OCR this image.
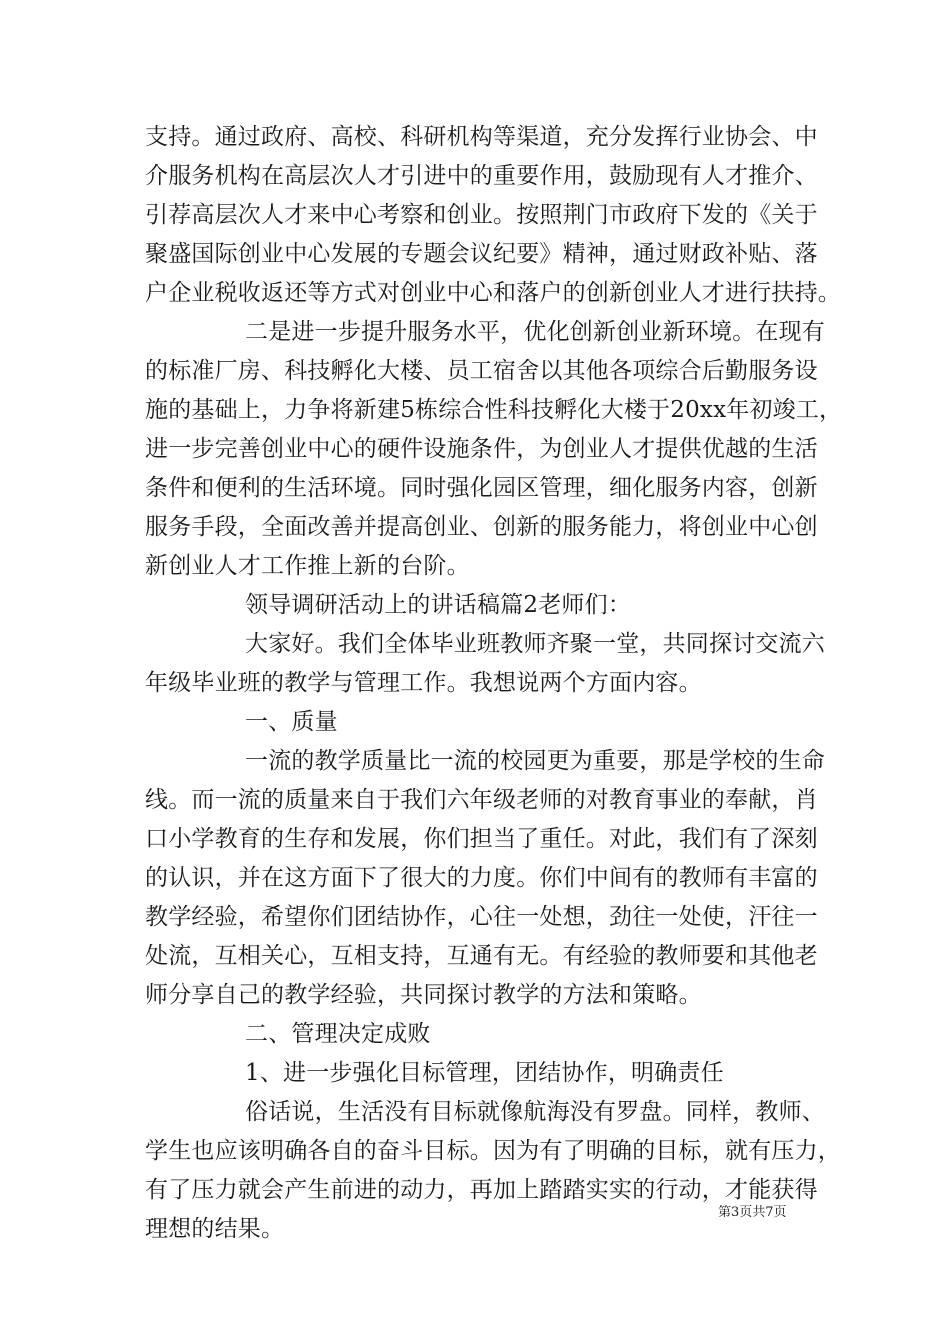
支持。通过政府、高校、科研机构等渠道，充分发挥行业协会、中
介服务机构在高层次人才引进中的重要作用，鼓励现有人才推介、
引荐高层次人才来中心考察和创业。按照荆门市政府下发的《关于
聚盛国际创业中心发展的专题会议纪要》精神，通过财政补贴、落
户企业税收返还等方式对创业中心和落户的创新创业人才进行扶持。
二是进一步提升服务水平，优化创新创业新环境。在现有
的标准厂房、科技孵化大楼、员工宿舍以其他各项综合后勤服务设
施的基础上，力争将新建5栋综合性科技孵化大楼于20xx年初竣工，
进一步完善创业中心的硬件设施条件，为创业人才提供优越的生活
条件和便利的生活环境。同时强化园区管理，细化服务内容，创新
服务手段，全面改善并提高创业、创新的服务能力，将创业中心创
新创业人才工作推上新的台阶。
领导调研活动上的讲话稿篇2老师们：
大家好。我们全体毕业班教师齐聚一堂，共同探讨交流六
年级毕业班的教学与管理工作。我想说两个方面内容。
一、质量
一流的教学质量比一流的校园更为重要，那是学校的生命
线。而一流的质量来自于我们六年级老师的对教育事业的奉献，肖
口小学教育的生存和发展，你们担当了重任。对此，我们有了深刻
的认识，并在这方面下了很大的力度。你们中间有的教师有丰富的
教学经验，希望你们团结协作，心往一处想，劲往一处使，汗往一
处流，互相关心，互相支持，互通有无。有经验的教师要和其他老
师分享自己的教学经验，共同探讨教学的方法和策略。
二、管理决定成败
1、进一步强化目标管理，团结协作，明确责任
俗话说，生活没有目标就像航海没有罗盘。同样，教师、
学生也应该明确各自的奋斗目标。因为有了明确的目标，就有压力，
有了压力就会产生前进的动力，再加上踏踏实实的行动，才能获得
理想的结果。
第3页共7页
